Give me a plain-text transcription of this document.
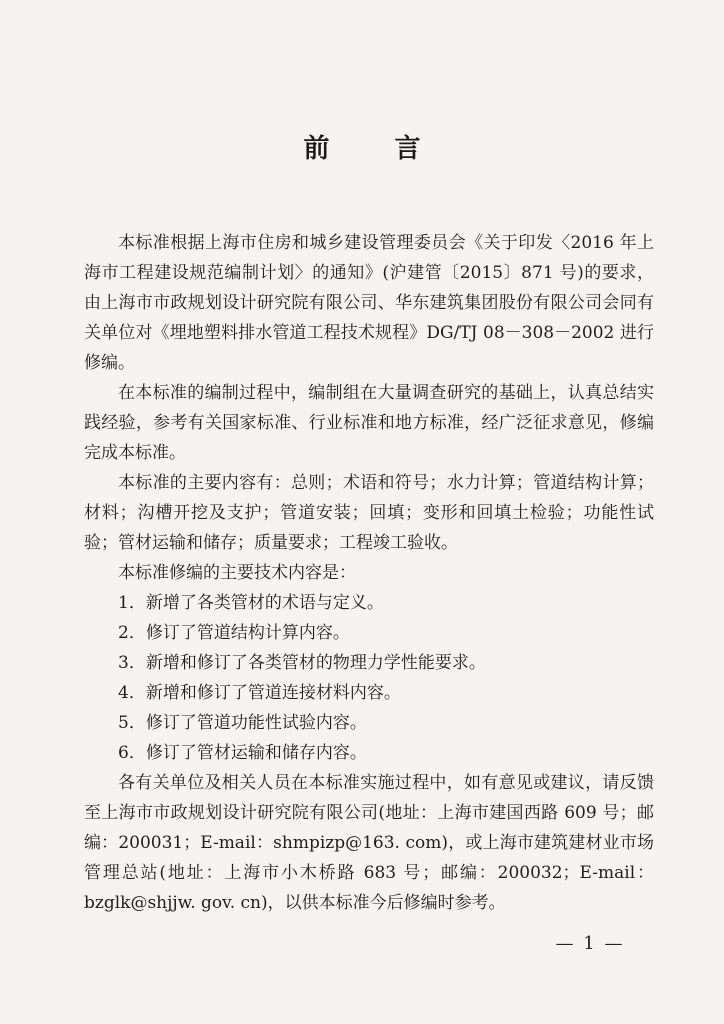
前 言

本标准根据上海市住房和城乡建设管理委员会《关于印发〈2016 年上海市工程建设规范编制计划〉的通知》(沪建管〔2015〕871 号)的要求，由上海市市政规划设计研究院有限公司、华东建筑集团股份有限公司会同有关单位对《埋地塑料排水管道工程技术规程》DG/TJ 08－308－2002 进行修编。

在本标准的编制过程中，编制组在大量调查研究的基础上，认真总结实践经验，参考有关国家标准、行业标准和地方标准，经广泛征求意见，修编完成本标准。

本标准的主要内容有：总则；术语和符号；水力计算；管道结构计算；材料；沟槽开挖及支护；管道安装；回填；变形和回填土检验；功能性试验；管材运输和储存；质量要求；工程竣工验收。

本标准修编的主要技术内容是：

1．新增了各类管材的术语与定义。

2．修订了管道结构计算内容。

3．新增和修订了各类管材的物理力学性能要求。

4．新增和修订了管道连接材料内容。

5．修订了管道功能性试验内容。

6．修订了管材运输和储存内容。

各有关单位及相关人员在本标准实施过程中，如有意见或建议，请反馈至上海市市政规划设计研究院有限公司(地址：上海市建国西路 609 号；邮编：200031；E-mail：shmpizp@163. com)，或上海市建筑建材业市场管理总站(地址：上海市小木桥路 683 号；邮编：200032；E-mail：bzglk@shjjw. gov. cn)，以供本标准今后修编时参考。

— 1 —
